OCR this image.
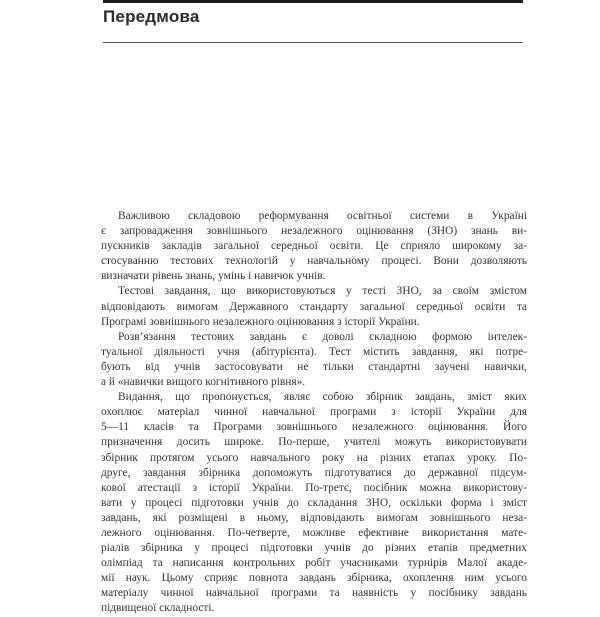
Передмова
Важливою складовою реформування освітньої системи в Україні
є запровадження зовнішнього незалежного оцінювання (ЗНО) знань ви-
пускників закладів загальної середньої освіти. Це сприяло широкому за-
стосуванню тестових технологій у навчальному процесі. Вони дозволяють
визначати рівень знань, умінь і навичок учнів.
Тестові завдання, що використовуються у тесті ЗНО, за своїм змістом
відповідають вимогам Державного стандарту загальної середньої освіти та
Програмі зовнішнього незалежного оцінювання з історії України.
Розв’язання тестових завдань є доволі складною формою інтелек-
туальної діяльності учня (абітурієнта). Тест містить завдання, які потре-
бують від учнів застосовувати не тільки стандартні заучені навички,
а й «навички вищого когнітивного рівня».
Видання, що пропонується, являє собою збірник завдань, зміст яких
охоплює матеріал чинної навчальної програми з історії України для
5—11 класів та Програми зовнішнього незалежного оцінювання. Його
призначення досить широке. По-перше, учителі можуть використовувати
збірник протягом усього навчального року на різних етапах уроку. По-
друге, завдання збірника допоможуть підготуватися до державної підсум-
кової атестації з історії України. По-третє, посібник можна використову-
вати у процесі підготовки учнів до складання ЗНО, оскільки форма і зміст
завдань, які розміщені в ньому, відповідають вимогам зовнішнього неза-
лежного оцінювання. По-четверте, можливе ефективне використання мате-
ріалів збірника у процесі підготовки учнів до різних етапів предметних
олімпіад та написання контрольних робіт учасниками турнірів Малої акаде-
мії наук. Цьому сприяє повнота завдань збірника, охоплення ним усього
матеріалу чинної навчальної програми та наявність у посібнику завдань
підвищеної складності.
